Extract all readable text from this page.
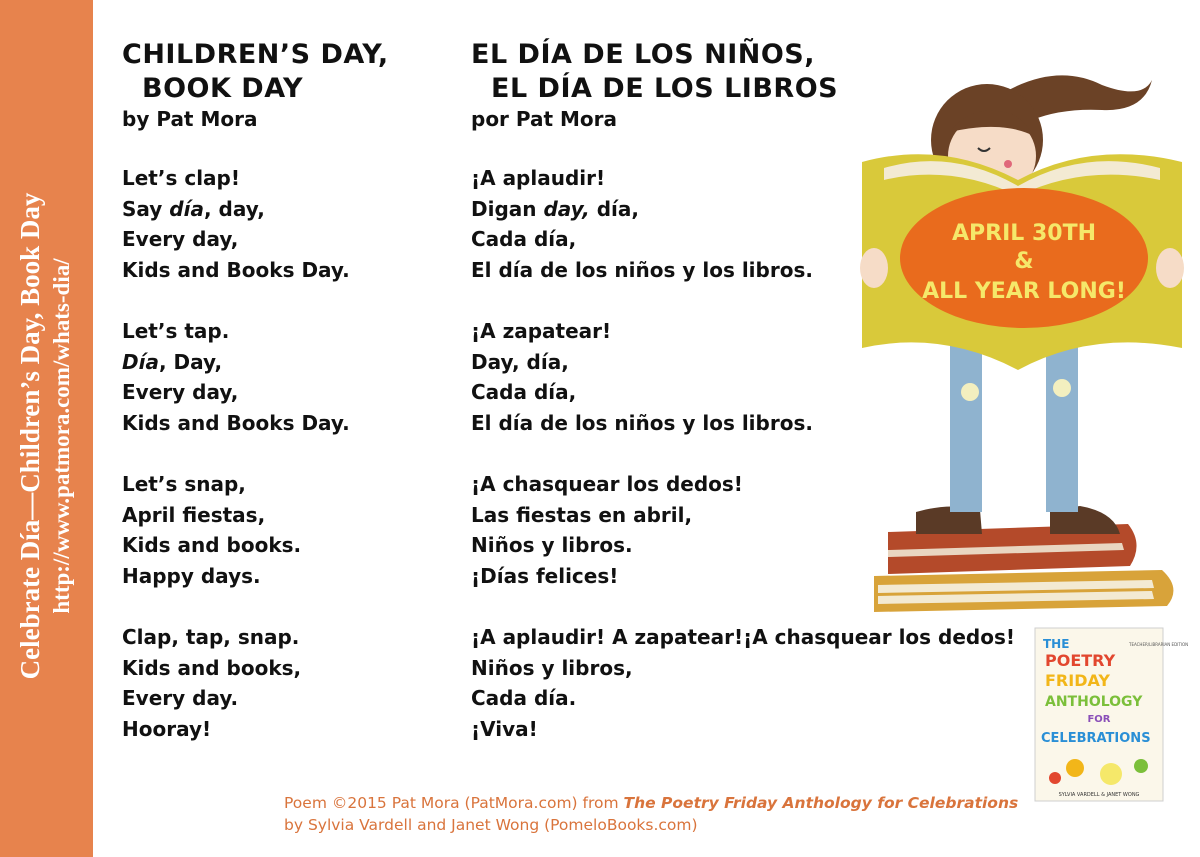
Celebrate Día—Children’s Day, Book Day http://www.patmora.com/whats-dia/
CHILDREN’S DAY,
BOOK DAY
by Pat Mora
Let’s clap!
Say día, day,
Every day,
Kids and Books Day.
Let’s tap.
Día, Day,
Every day,
Kids and Books Day.
Let’s snap,
April fiestas,
Kids and books.
Happy days.
Clap, tap, snap.
Kids and books,
Every day.
Hooray!
EL DÍA DE LOS NIÑOS,
EL DÍA DE LOS LIBROS
por Pat Mora
¡A aplaudir!
Digan day, día,
Cada día,
El día de los niños y los libros.
¡A zapatear!
Day, día,
Cada día,
El día de los niños y los libros.
¡A chasquear los dedos!
Las fiestas en abril,
Niños y libros.
¡Días felices!
¡A aplaudir! A zapatear!¡A chasquear los dedos!
Niños y libros,
Cada día.
¡Viva!
APRIL 30TH
&
ALL YEAR LONG!
THE
POETRY
FRIDAY
ANTHOLOGY
FOR
CELEBRATIONS
TEACHER/LIBRARIAN EDITION
SYLVIA VARDELL & JANET WONG
Poem ©2015 Pat Mora (PatMora.com) from The Poetry Friday Anthology for Celebrations
by Sylvia Vardell and Janet Wong (PomeloBooks.com)
